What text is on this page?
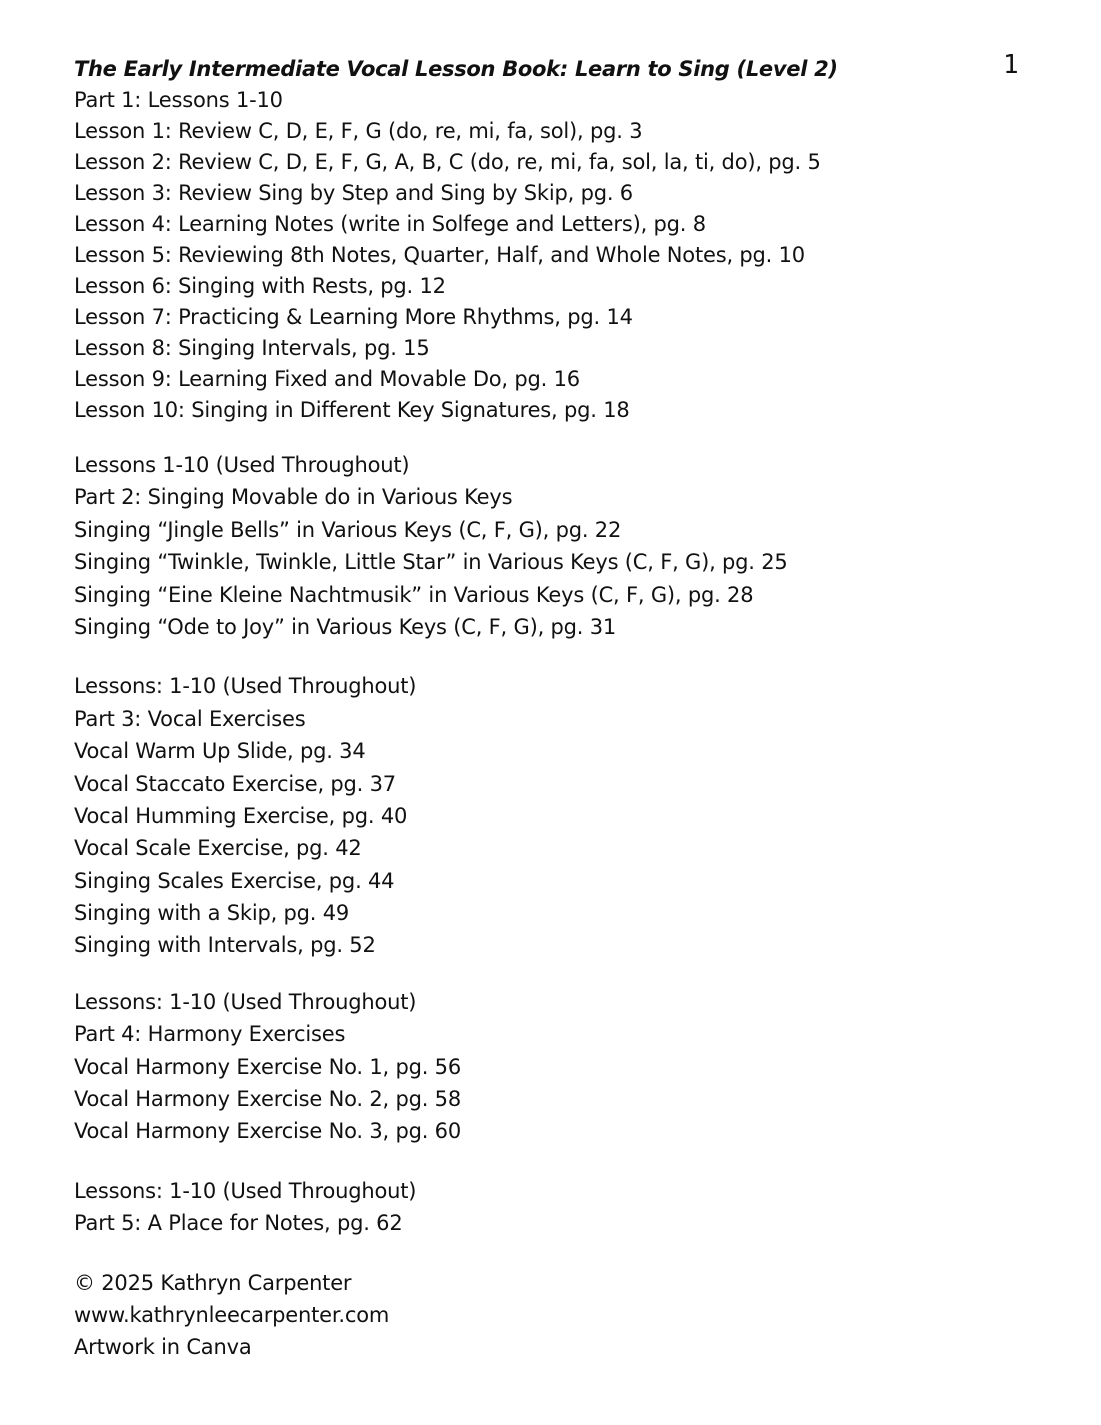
1
The Early Intermediate Vocal Lesson Book: Learn to Sing (Level 2)
Part 1: Lessons 1-10
Lesson 1: Review C, D, E, F, G (do, re, mi, fa, sol), pg. 3
Lesson 2: Review C, D, E, F, G, A, B, C (do, re, mi, fa, sol, la, ti, do), pg. 5
Lesson 3: Review Sing by Step and Sing by Skip, pg. 6
Lesson 4: Learning Notes (write in Solfege and Letters), pg. 8
Lesson 5: Reviewing 8th Notes, Quarter, Half, and Whole Notes, pg. 10
Lesson 6: Singing with Rests, pg. 12
Lesson 7: Practicing & Learning More Rhythms, pg. 14
Lesson 8: Singing Intervals, pg. 15
Lesson 9: Learning Fixed and Movable Do, pg. 16
Lesson 10: Singing in Different Key Signatures, pg. 18
Lessons 1-10 (Used Throughout)
Part 2: Singing Movable do in Various Keys
Singing “Jingle Bells” in Various Keys (C, F, G), pg. 22
Singing “Twinkle, Twinkle, Little Star” in Various Keys (C, F, G), pg. 25
Singing “Eine Kleine Nachtmusik” in Various Keys (C, F, G), pg. 28
Singing “Ode to Joy” in Various Keys (C, F, G), pg. 31
Lessons: 1-10 (Used Throughout)
Part 3: Vocal Exercises
Vocal Warm Up Slide, pg. 34
Vocal Staccato Exercise, pg. 37
Vocal Humming Exercise, pg. 40
Vocal Scale Exercise, pg. 42
Singing Scales Exercise, pg. 44
Singing with a Skip, pg. 49
Singing with Intervals, pg. 52
Lessons: 1-10 (Used Throughout)
Part 4: Harmony Exercises
Vocal Harmony Exercise No. 1, pg. 56
Vocal Harmony Exercise No. 2, pg. 58
Vocal Harmony Exercise No. 3, pg. 60
Lessons: 1-10 (Used Throughout)
Part 5: A Place for Notes, pg. 62
© 2025 Kathryn Carpenter
www.kathrynleecarpenter.com
Artwork in Canva
